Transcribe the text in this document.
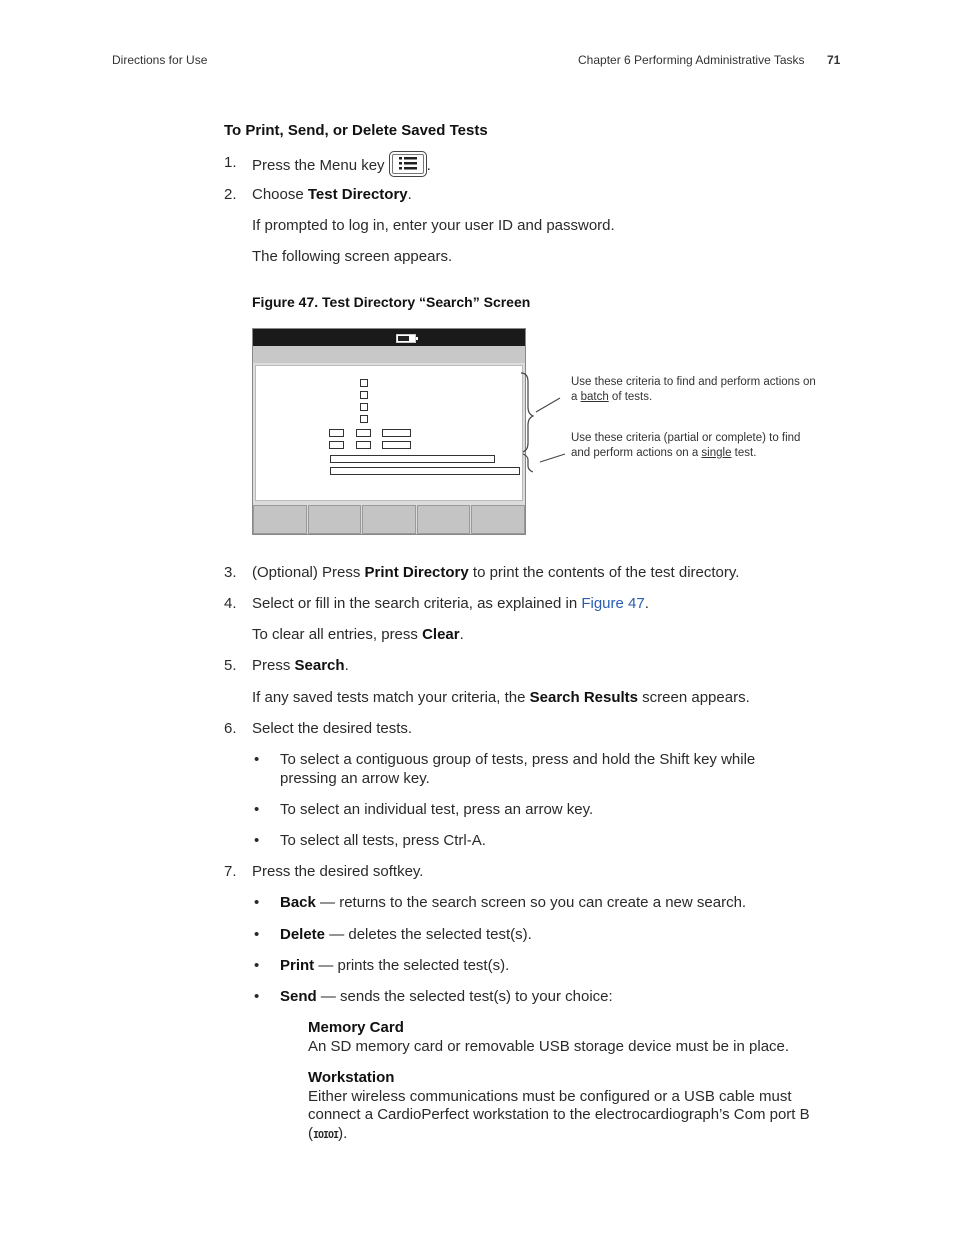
Directions for Use	Chapter 6 Performing Administrative Tasks 71
To Print, Send, or Delete Saved Tests
1.	Press the Menu key	.
2.	Choose Test Directory.
If prompted to log in, enter your user ID and password.
The following screen appears.
Figure 47. Test Directory “Search” Screen
Use these criteria to find and perform actions on a batch of tests.
Use these criteria (partial or complete) to find and perform actions on a single test.
3.	(Optional) Press Print Directory to print the contents of the test directory.
4.	Select or fill in the search criteria, as explained in Figure 47.
To clear all entries, press Clear.
5.	Press Search.
If any saved tests match your criteria, the Search Results screen appears.
6.	Select the desired tests.
• To select a contiguous group of tests, press and hold the Shift key while
pressing an arrow key.
• To select an individual test, press an arrow key.
• To select all tests, press Ctrl-A.
7.	Press the desired softkey.
• Back — returns to the search screen so you can create a new search.
• Delete — deletes the selected test(s).
• Print — prints the selected test(s).
• Send — sends the selected test(s) to your choice:
Memory Card
An SD memory card or removable USB storage device must be in place.
Workstation
Either wireless communications must be configured or a USB cable must
connect a CardioPerfect workstation to the electrocardiograph’s Com port B
(IOIOI).
